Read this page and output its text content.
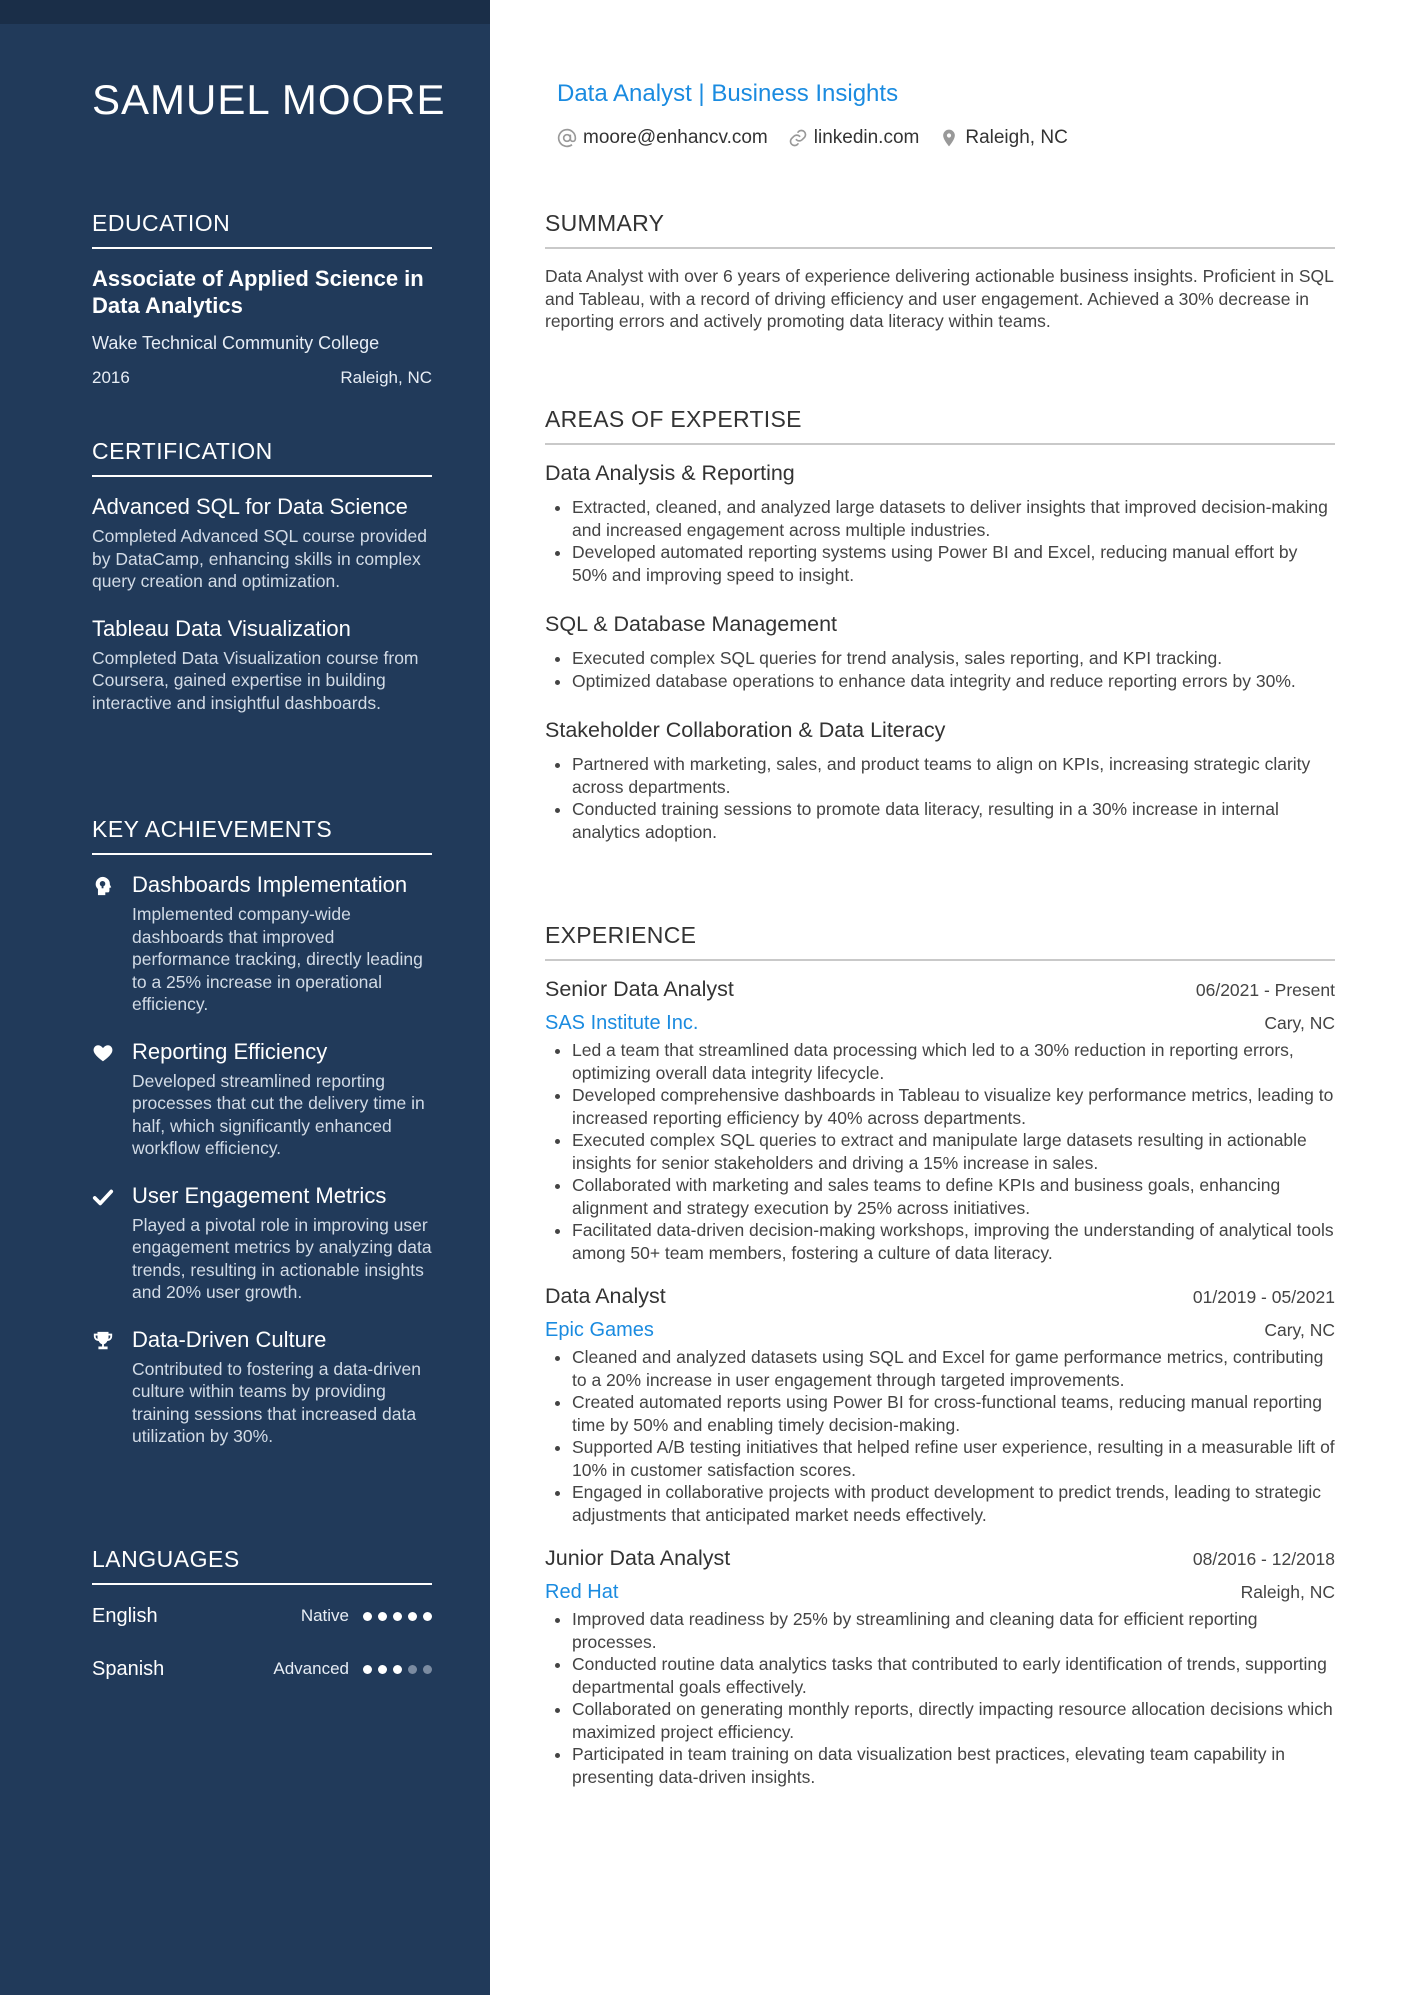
SAMUEL MOORE
EDUCATION
Associate of Applied Science in Data Analytics
Wake Technical Community College
2016	Raleigh, NC
CERTIFICATION
Advanced SQL for Data Science
Completed Advanced SQL course provided by DataCamp, enhancing skills in complex query creation and optimization.
Tableau Data Visualization
Completed Data Visualization course from Coursera, gained expertise in building interactive and insightful dashboards.
KEY ACHIEVEMENTS
Dashboards Implementation
Implemented company-wide dashboards that improved performance tracking, directly leading to a 25% increase in operational efficiency.
Reporting Efficiency
Developed streamlined reporting processes that cut the delivery time in half, which significantly enhanced workflow efficiency.
User Engagement Metrics
Played a pivotal role in improving user engagement metrics by analyzing data trends, resulting in actionable insights and 20% user growth.
Data-Driven Culture
Contributed to fostering a data-driven culture within teams by providing training sessions that increased data utilization by 30%.
LANGUAGES
English	Native
Spanish	Advanced
Data Analyst | Business Insights
moore@enhancv.com linkedin.com Raleigh, NC
SUMMARY
Data Analyst with over 6 years of experience delivering actionable business insights. Proficient in SQL and Tableau, with a record of driving efficiency and user engagement. Achieved a 30% decrease in reporting errors and actively promoting data literacy within teams.
AREAS OF EXPERTISE
Data Analysis & Reporting
• Extracted, cleaned, and analyzed large datasets to deliver insights that improved decision-making and increased engagement across multiple industries.
• Developed automated reporting systems using Power BI and Excel, reducing manual effort by 50% and improving speed to insight.
SQL & Database Management
• Executed complex SQL queries for trend analysis, sales reporting, and KPI tracking.
• Optimized database operations to enhance data integrity and reduce reporting errors by 30%.
Stakeholder Collaboration & Data Literacy
• Partnered with marketing, sales, and product teams to align on KPIs, increasing strategic clarity across departments.
• Conducted training sessions to promote data literacy, resulting in a 30% increase in internal analytics adoption.
EXPERIENCE
Senior Data Analyst	06/2021 - Present
SAS Institute Inc.	Cary, NC
• Led a team that streamlined data processing which led to a 30% reduction in reporting errors, optimizing overall data integrity lifecycle.
• Developed comprehensive dashboards in Tableau to visualize key performance metrics, leading to increased reporting efficiency by 40% across departments.
• Executed complex SQL queries to extract and manipulate large datasets resulting in actionable insights for senior stakeholders and driving a 15% increase in sales.
• Collaborated with marketing and sales teams to define KPIs and business goals, enhancing alignment and strategy execution by 25% across initiatives.
• Facilitated data-driven decision-making workshops, improving the understanding of analytical tools among 50+ team members, fostering a culture of data literacy.
Data Analyst	01/2019 - 05/2021
Epic Games	Cary, NC
• Cleaned and analyzed datasets using SQL and Excel for game performance metrics, contributing to a 20% increase in user engagement through targeted improvements.
• Created automated reports using Power BI for cross-functional teams, reducing manual reporting time by 50% and enabling timely decision-making.
• Supported A/B testing initiatives that helped refine user experience, resulting in a measurable lift of 10% in customer satisfaction scores.
• Engaged in collaborative projects with product development to predict trends, leading to strategic adjustments that anticipated market needs effectively.
Junior Data Analyst	08/2016 - 12/2018
Red Hat	Raleigh, NC
• Improved data readiness by 25% by streamlining and cleaning data for efficient reporting processes.
• Conducted routine data analytics tasks that contributed to early identification of trends, supporting departmental goals effectively.
• Collaborated on generating monthly reports, directly impacting resource allocation decisions which maximized project efficiency.
• Participated in team training on data visualization best practices, elevating team capability in presenting data-driven insights.
